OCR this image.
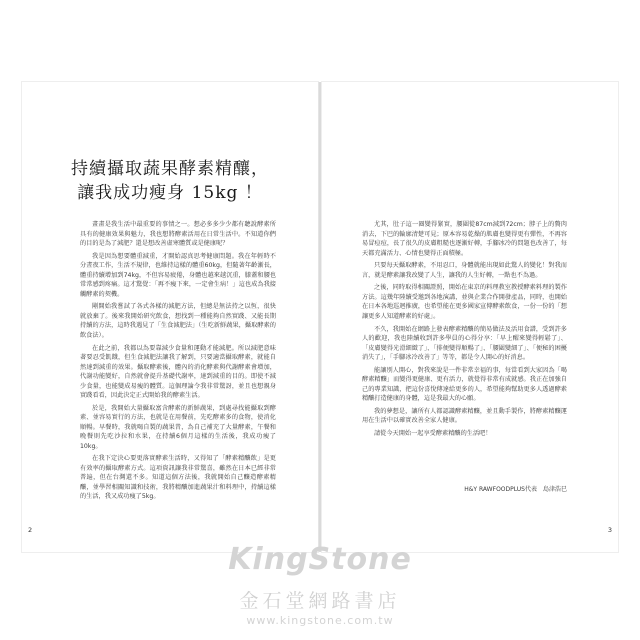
持續攝取蔬果酵素精釀，
讓我成功瘦身 15kg ！

畫畫是我生活中最重要的事情之一。想必多多少少都有聽說酵素所具有的健康效果與魅力，我也想將酵素活用在日常生活中。不知道你們的目的是為了減肥？還是想改善虛寒體質或是健康呢？

我是因為想要體重減重，才開始認真思考健康問題。我在年輕時不分晝夜工作，生活不規律，也維持這樣的體重60kg，但隨著年齡漸長，體重持續增加到74kg，不但容易疲倦，身體也越來越沉重，膝蓋和腰也常常感到疼痛。這才驚覺：「再不瘦下來，一定會生病！」這也成為我接觸酵素的契機。

剛開始我嘗試了各式各樣的減肥方法，但總是無法持之以恆，很快就放棄了。後來我開始研究飲食，想找到一種能夠自然實踐、又能長期持續的方法，這時我遇見了「生食減肥法」（生吃新鮮蔬果，攝取酵素的飲食法）。

在此之前，我都以為要靠減少食量和運動才能減肥。所以減肥意味著要忍受飢餓，但生食減肥法讓我了解到，只要適當攝取酵素，就能自然達到減重的效果。攝取酵素後，體內的消化酵素與代謝酵素會增加，代謝功能變好，自然就會提升基礎代謝率，達到減重的目的。即使不減少食量，也能變成易瘦的體質。這個理論令我非常驚訝，並且也想親身實踐看看，因此決定正式開始我的酵素生活。

於是，我開始大量攝取富含酵素的新鮮蔬果，到處尋找能攝取到酵素、並容易實行的方法，也就是在用餐前，先吃酵素多的食物，使消化順暢。早餐時，我就喝自製的蔬果昔，為自己補充了大量酵素，午餐和晚餐則先吃沙拉和水果，在持續6個月這樣的生活後，我成功瘦了10kg。

在我下定決心要更落實酵素生活時，又得知了「酵素精釀飲」是更有效率的攝取酵素方式。這項資訊讓我非常驚喜，雖然在日本已經非常普遍，但在台灣還不多。知道這個方法後，我就開始自己釀造酵素精釀，並學習相關知識和技術，我將精釀加進蔬果汁和料理中，持續這樣的生活，我又成功瘦了5kg。

2

尤其，肚子這一圈變得緊實，腰圍從87cm減到72cm；脖子上的贅肉消去，下巴的輪廓清楚可見；原本容易乾燥的肌膚也變得更有彈性，不再容易冒痘痘，長了很久的皮膚粗糙也逐漸好轉，手腳冰冷的問題也改善了，每天都充滿活力、心情也變得正面積極。

只要每天攝取酵素，不用忍口，身體就能出現如此驚人的變化！對我而言，就是酵素讓我改變了人生，讓我的人生好轉，一點也不為過。

之後，同時取得相關證照，開始在東京的料理教室教授酵素料理的製作方法。這幾年陸續受邀到各地演講，並與企業合作開發產品，同時，也開始在日本各地巡迴推廣，也希望能在更多國家宣傳酵素飲食，一份一份的「想讓更多人知道酵素的好處」。

不久，我開始在網路上發表酵素精釀的簡易做法及活用食譜，受到許多人的歡迎，我也陸續收到許多學員的心得分享：「早上醒來變得輕鬆了」、「皮膚變得光滑細緻了」、「排便變得順暢了」、「腰圍變細了」、「便秘的困擾消失了」，「手腳冰冷改善了」等等，都是令人開心的好消息。

能讓別人開心，對我來說是一件非常幸福的事，每當看到大家因為「喝酵素精釀」而變得更健康、更有活力，就覺得非常有成就感。我正在加強自己的專業知識，把這份喜悅傳達給更多的人，希望能夠幫助更多人透過酵素精釀打造健康的身體，這是我最大的心願。

我的夢想是，讓所有人都認識酵素精釀，並且動手製作，將酵素精釀運用在生活中以確實改善全家人健康。

請從今天開始一起享受酵素精釀的生活吧！

H&Y RAWFOODPLUS代表　島津浩巳
3
KingStone
金石堂網路書店
www.kingstone.com.tw
